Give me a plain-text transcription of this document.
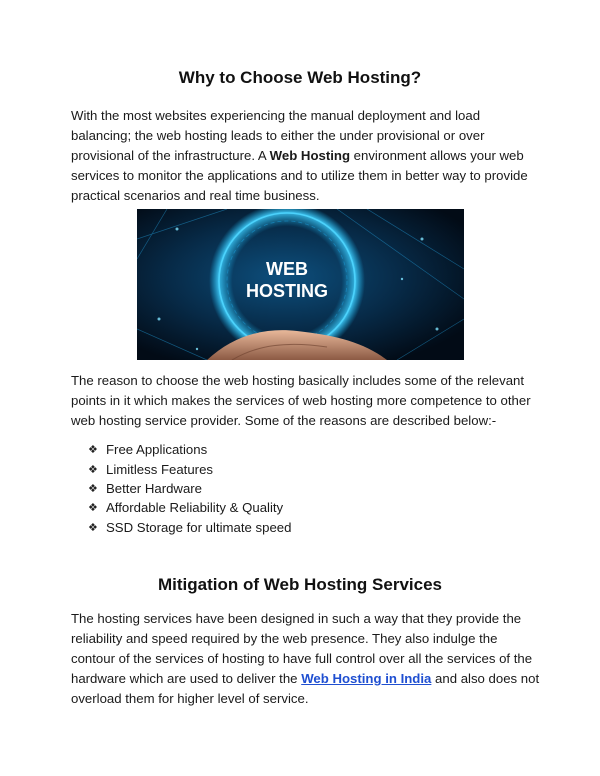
Why to Choose Web Hosting?

With the most websites experiencing the manual deployment and load balancing; the web hosting leads to either the under provisional or over provisional of the infrastructure. A Web Hosting environment allows your web services to monitor the applications and to utilize them in better way to provide practical scenarios and real time business.

WEB
HOSTING

The reason to choose the web hosting basically includes some of the relevant points in it which makes the services of web hosting more competence to other web hosting service provider. Some of the reasons are described below:-

❖ Free Applications
❖ Limitless Features
❖ Better Hardware
❖ Affordable Reliability & Quality
❖ SSD Storage for ultimate speed
Mitigation of Web Hosting Services

The hosting services have been designed in such a way that they provide the reliability and speed required by the web presence. They also indulge the contour of the services of hosting to have full control over all the services of the hardware which are used to deliver the Web Hosting in India and also does not overload them for higher level of service.
